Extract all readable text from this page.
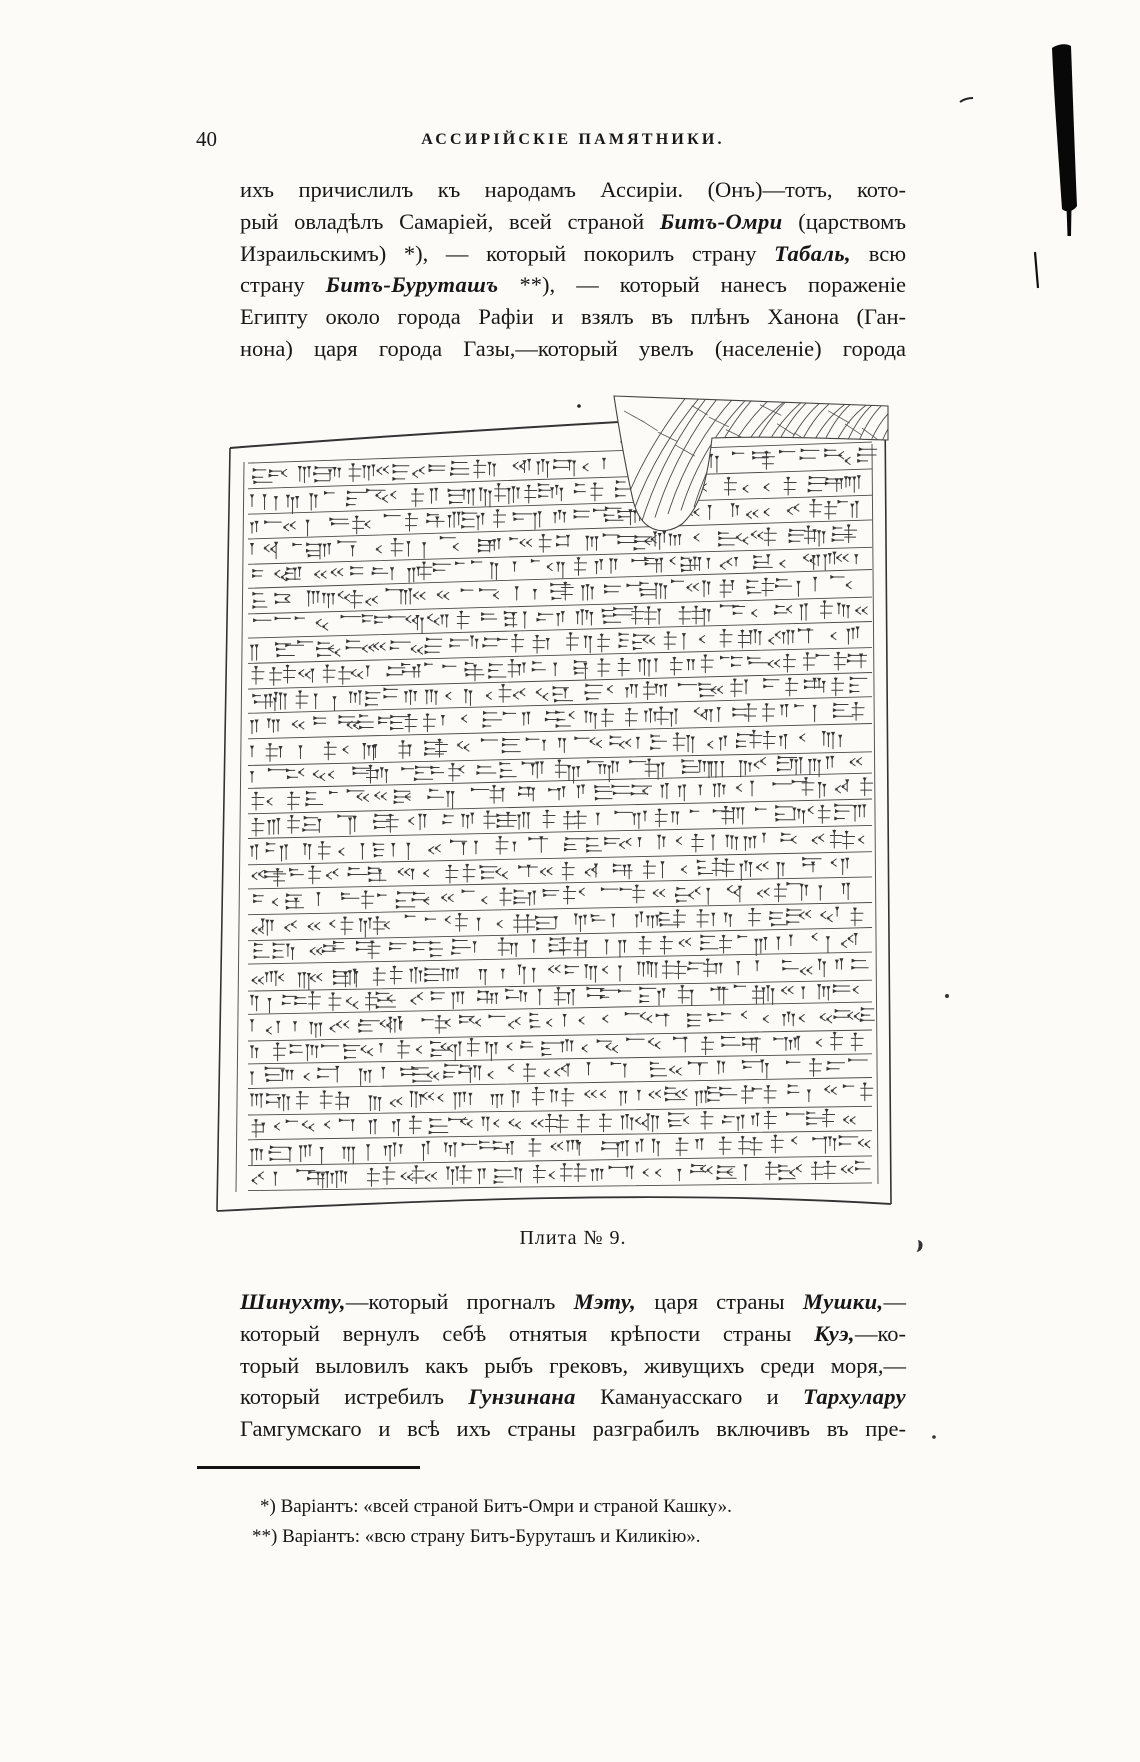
40	АССИРІЙСКІЕ ПАМЯТНИКИ.
ихъ причислилъ къ народамъ Ассиріи. (Онъ)—тотъ, кото-
рый овладѣлъ Самаріей, всей страной Битъ-Омри (царствомъ
Израильскимъ) *), — который покорилъ страну Табаль, всю
страну Битъ-Буруташъ **), — который нанесъ пораженіе
Египту около города Рафіи и взялъ въ плѣнъ Ханона (Ган-
нона) царя города Газы,—который увелъ (населеніе) города
Плита № 9.
Шинухту,—который прогналъ Мэту, царя страны Мушки,—
который вернулъ себѣ отнятыя крѣпости страны Куэ,—ко-
торый выловилъ какъ рыбъ грековъ, живущихъ среди моря,—
который истребилъ Гунзинана Камануасскаго и Тархулару
Гамгумскаго и всѣ ихъ страны разграбилъ включивъ въ пре-
*) Варіантъ: «всей страной Битъ-Омри и страной Кашку».
**) Варіантъ: «всю страну Битъ-Буруташъ и Киликію».
